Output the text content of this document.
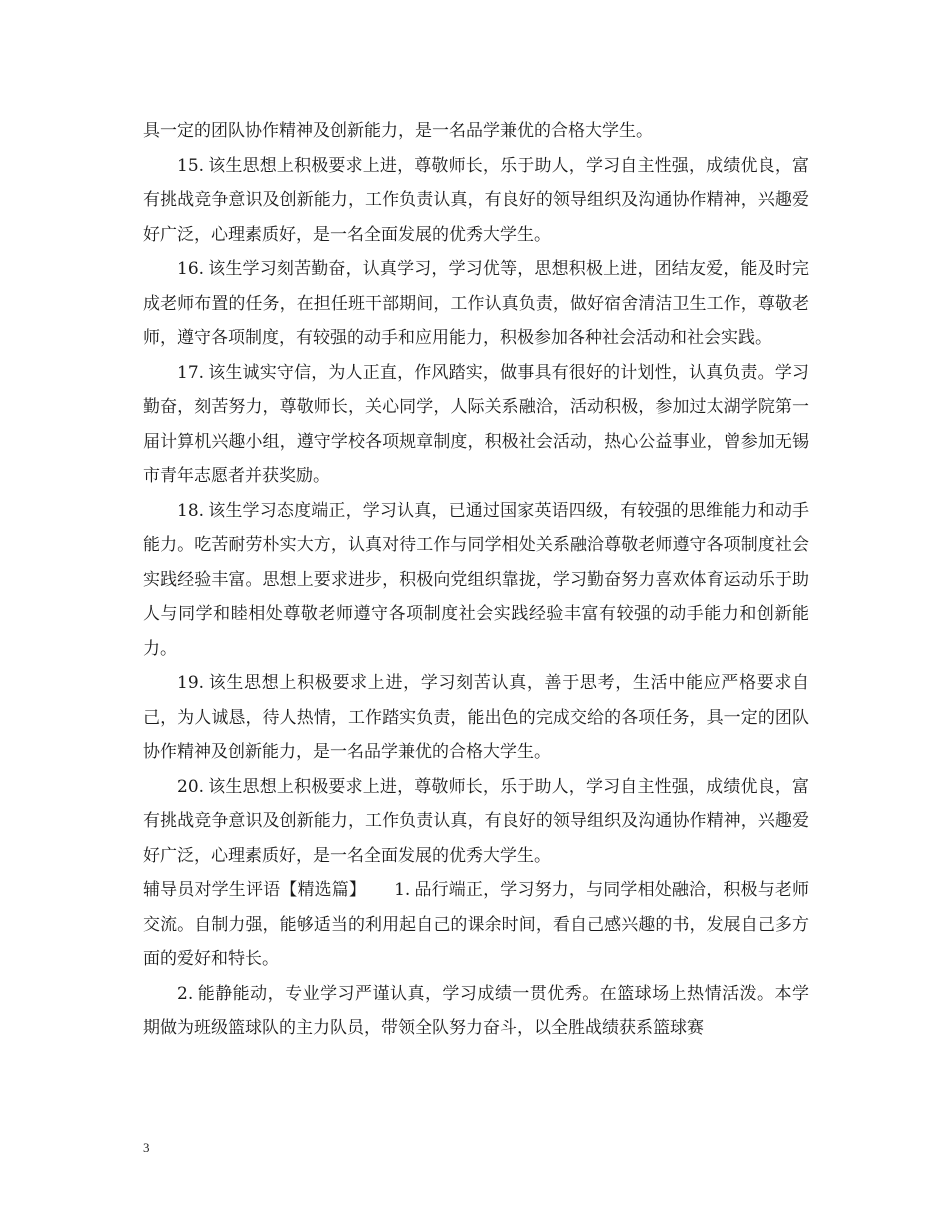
具一定的团队协作精神及创新能力，是一名品学兼优的合格大学生。

15. 该生思想上积极要求上进，尊敬师长，乐于助人，学习自主性强，成绩优良，富有挑战竞争意识及创新能力，工作负责认真，有良好的领导组织及沟通协作精神，兴趣爱好广泛，心理素质好，是一名全面发展的优秀大学生。

16. 该生学习刻苦勤奋，认真学习，学习优等，思想积极上进，团结友爱，能及时完成老师布置的任务，在担任班干部期间，工作认真负责，做好宿舍清洁卫生工作，尊敬老师，遵守各项制度，有较强的动手和应用能力，积极参加各种社会活动和社会实践。

17. 该生诚实守信，为人正直，作风踏实，做事具有很好的计划性，认真负责。学习勤奋，刻苦努力，尊敬师长，关心同学，人际关系融洽，活动积极，参加过太湖学院第一届计算机兴趣小组，遵守学校各项规章制度，积极社会活动，热心公益事业，曾参加无锡市青年志愿者并获奖励。

18. 该生学习态度端正，学习认真，已通过国家英语四级，有较强的思维能力和动手能力。吃苦耐劳朴实大方，认真对待工作与同学相处关系融洽尊敬老师遵守各项制度社会实践经验丰富。思想上要求进步，积极向党组织靠拢，学习勤奋努力喜欢体育运动乐于助人与同学和睦相处尊敬老师遵守各项制度社会实践经验丰富有较强的动手能力和创新能力。

19. 该生思想上积极要求上进，学习刻苦认真，善于思考，生活中能应严格要求自己，为人诚恳，待人热情，工作踏实负责，能出色的完成交给的各项任务，具一定的团队协作精神及创新能力，是一名品学兼优的合格大学生。

20. 该生思想上积极要求上进，尊敬师长，乐于助人，学习自主性强，成绩优良，富有挑战竞争意识及创新能力，工作负责认真，有良好的领导组织及沟通协作精神，兴趣爱好广泛，心理素质好，是一名全面发展的优秀大学生。

辅导员对学生评语【精选篇】 1. 品行端正，学习努力，与同学相处融洽，积极与老师交流。自制力强，能够适当的利用起自己的课余时间，看自己感兴趣的书，发展自己多方面的爱好和特长。

2. 能静能动，专业学习严谨认真，学习成绩一贯优秀。在篮球场上热情活泼。本学期做为班级篮球队的主力队员，带领全队努力奋斗，以全胜战绩获系篮球赛

3
